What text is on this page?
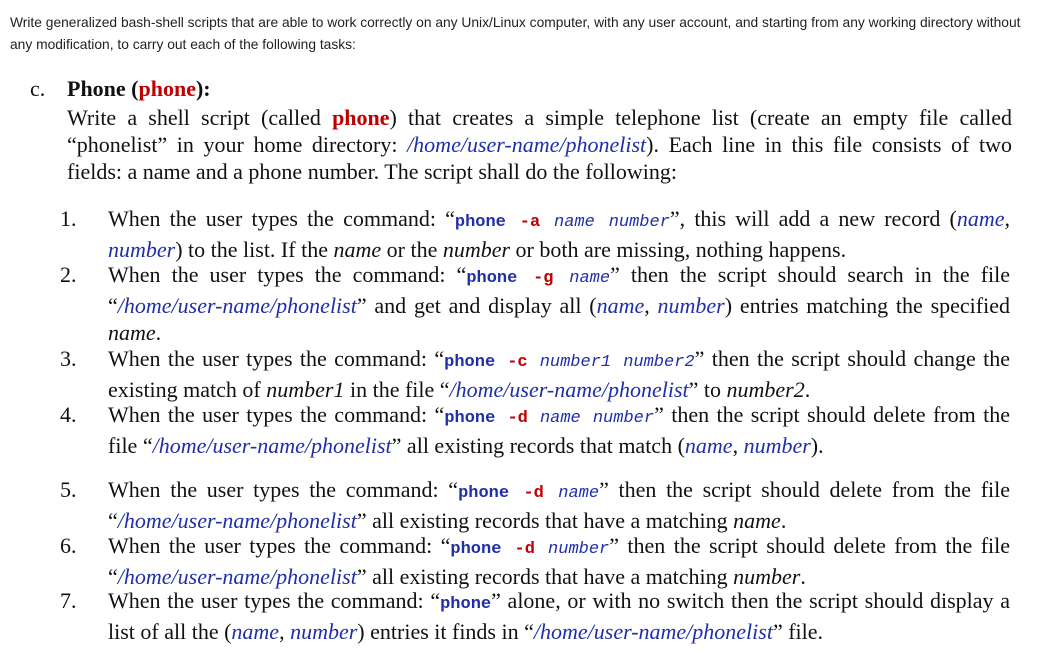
Write generalized bash-shell scripts that are able to work correctly on any Unix/Linux computer, with any user account, and starting from any working directory without any modification, to carry out each of the following tasks:
c. Phone (phone):
Write a shell script (called phone) that creates a simple telephone list (create an empty file called “phonelist” in your home directory: /home/user-name/phonelist). Each line in this file consists of two fields: a name and a phone number. The script shall do the following:
1.	When the user types the command: “phone -a name number”, this will add a new record (name, number) to the list. If the name or the number or both are missing, nothing happens.
2.	When the user types the command: “phone -g name” then the script should search in the file “/home/user-name/phonelist” and get and display all (name, number) entries matching the specified name.
3.	When the user types the command: “phone -c number1 number2” then the script should change the existing match of number1 in the file “/home/user-name/phonelist” to number2.
4.	When the user types the command: “phone -d name number” then the script should delete from the file “/home/user-name/phonelist” all existing records that match (name, number).
5.	When the user types the command: “phone -d name” then the script should delete from the file “/home/user-name/phonelist” all existing records that have a matching name.
6.	When the user types the command: “phone -d number” then the script should delete from the file “/home/user-name/phonelist” all existing records that have a matching number.
7.	When the user types the command: “phone” alone, or with no switch then the script should display a list of all the (name, number) entries it finds in “/home/user-name/phonelist” file.
